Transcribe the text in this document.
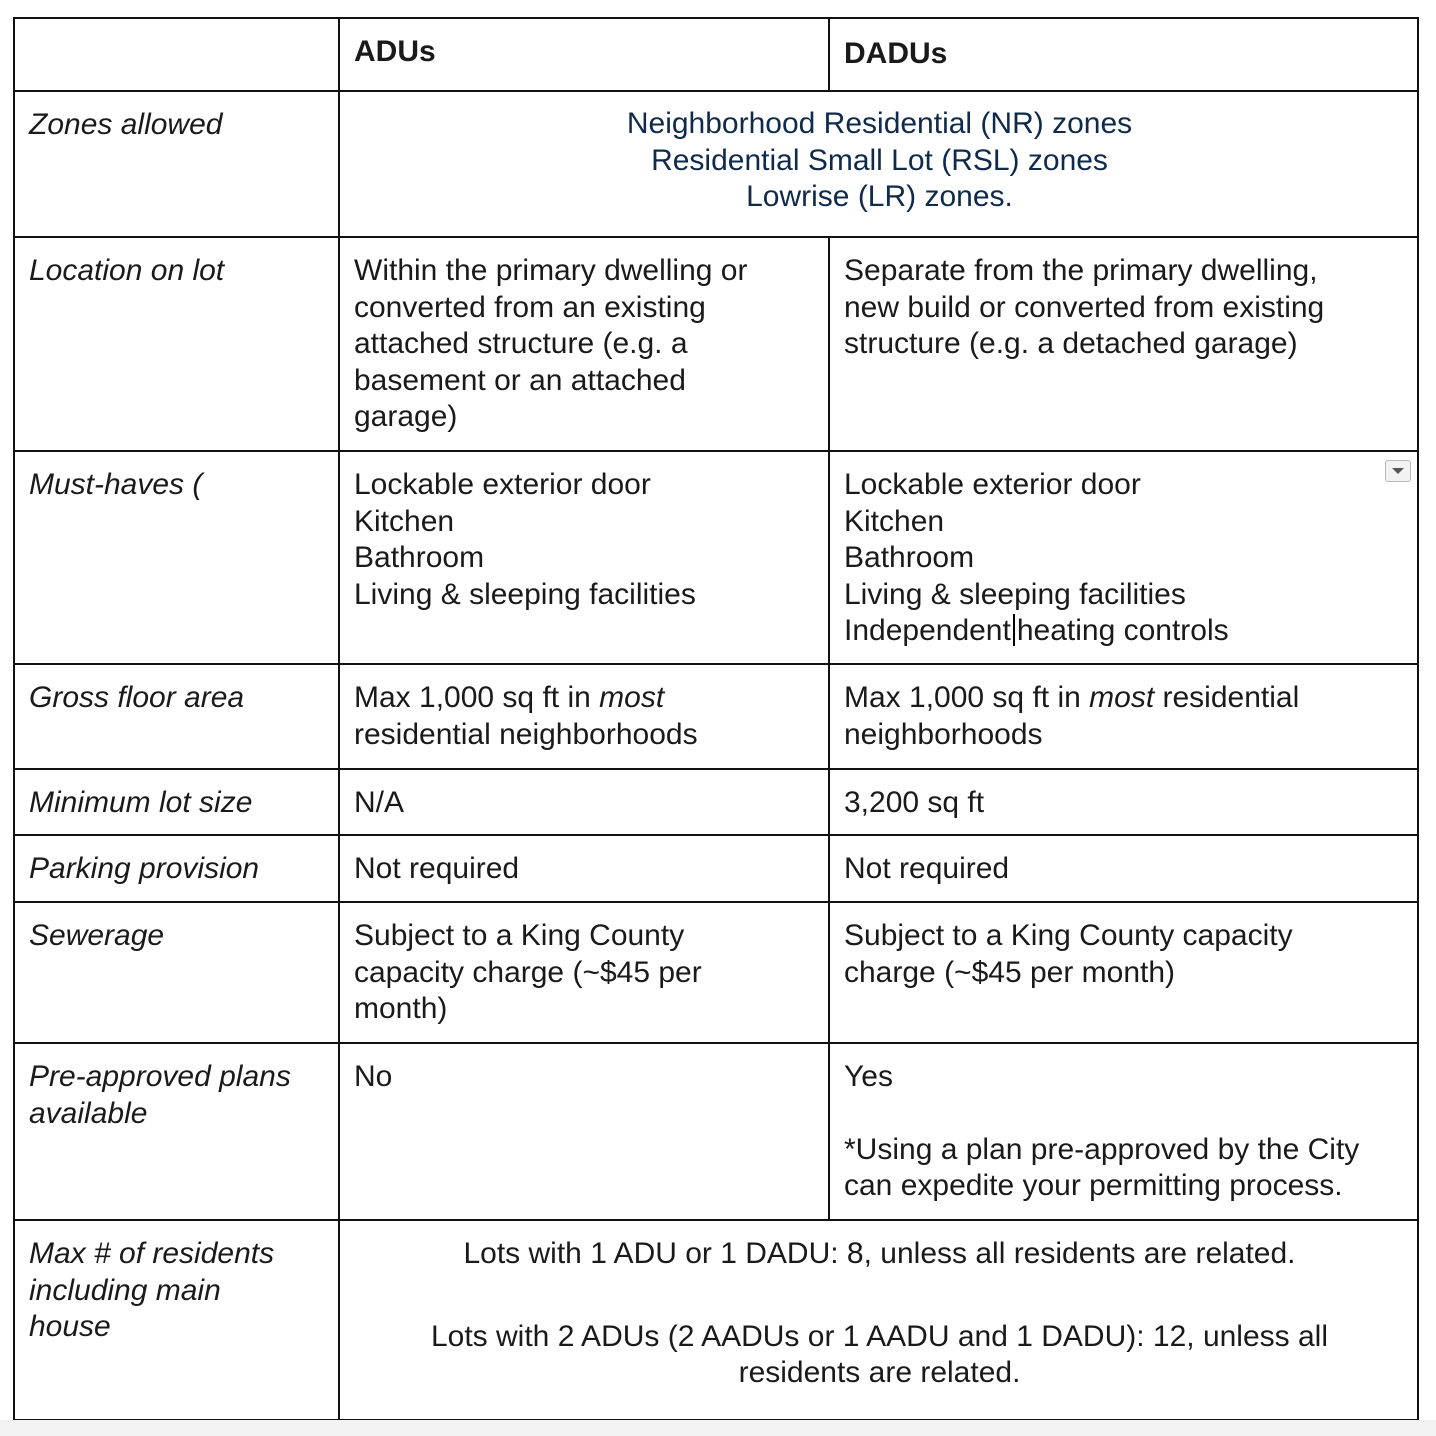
	ADUs	DADUs
Zones allowed	Neighborhood Residential (NR) zones
Residential Small Lot (RSL) zones
Lowrise (LR) zones.	

Location on lot	Within the primary dwelling or
converted from an existing
attached structure (e.g. a
basement or an attached
garage)	Separate from the primary dwelling,
new build or converted from existing
structure (e.g. a detached garage)

Must-haves (	Lockable exterior door
Kitchen
Bathroom
Living & sleeping facilities	Lockable exterior door
Kitchen
Bathroom
Living & sleeping facilities
Independent heating controls

Gross floor area	Max 1,000 sq ft in most
residential neighborhoods	Max 1,000 sq ft in most residential
neighborhoods

Minimum lot size	N/A	3,200 sq ft
Parking provision	Not required	Not required
Sewerage	Subject to a King County
capacity charge (~$45 per
month)	Subject to a King County capacity
charge (~$45 per month)

Pre-approved plans
available	No	Yes
*Using a plan pre-approved by the City
can expedite your permitting process.

Max # of residents
including main
house	Lots with 1 ADU or 1 DADU: 8, unless all residents are related.
Lots with 2 ADUs (2 AADUs or 1 AADU and 1 DADU): 12, unless all
residents are related.	
